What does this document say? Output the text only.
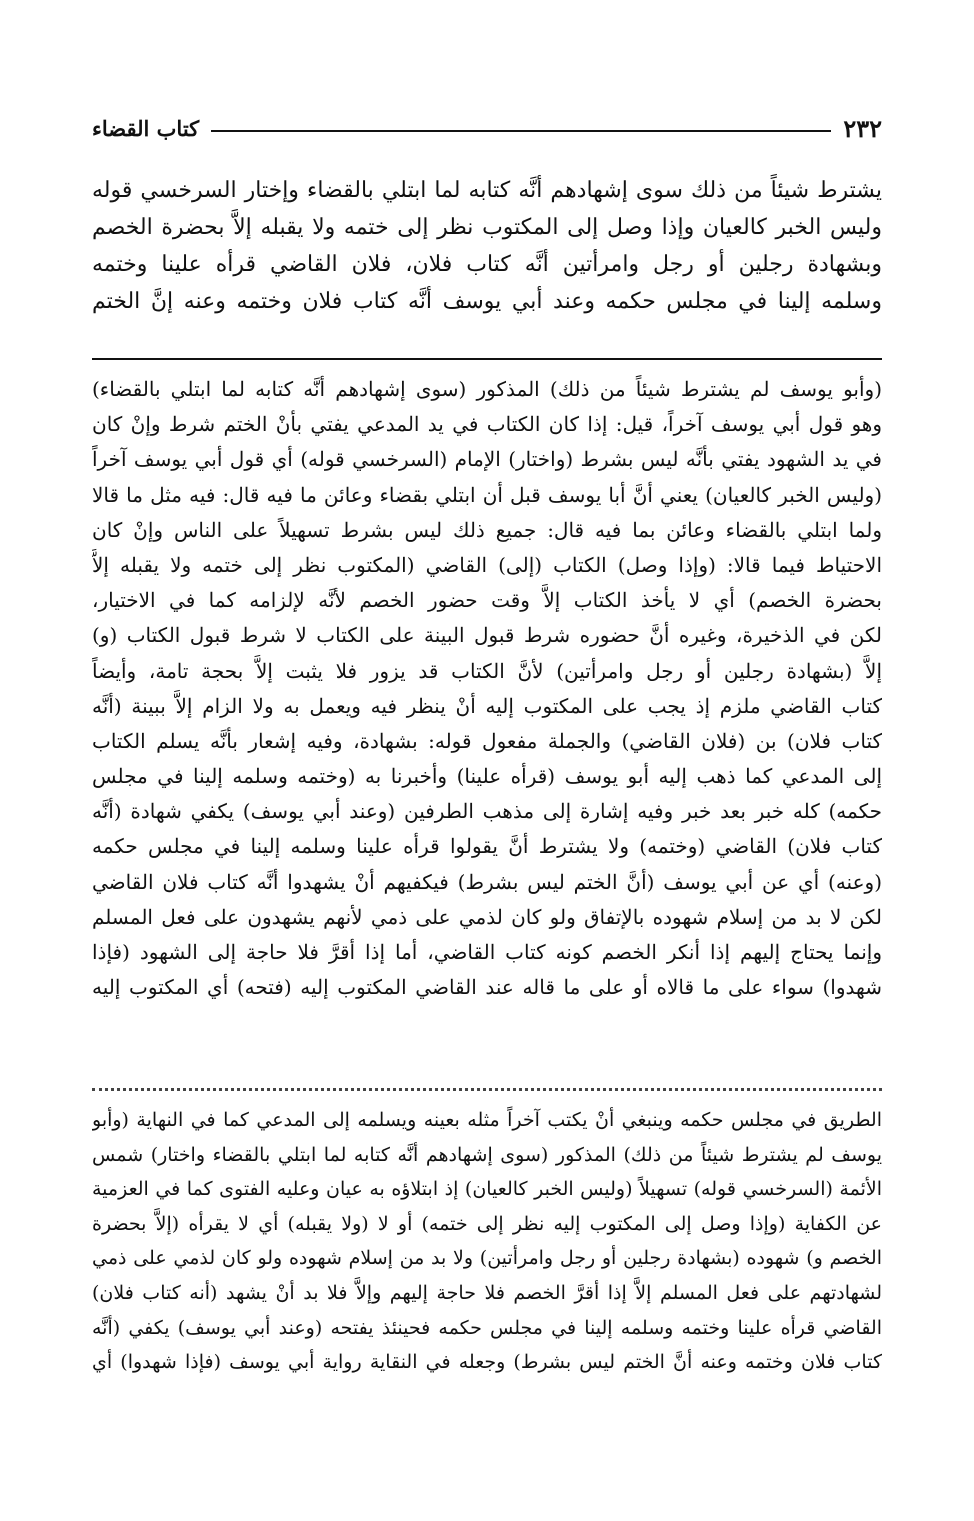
٢٣٢
كتاب القضاء
يشترط شيئاً من ذلك سوى إشهادهم أنَّه كتابه لما ابتلي بالقضاء وإختار السرخسي قوله
وليس الخبر كالعيان وإذا وصل إلى المكتوب نظر إلى ختمه ولا يقبله إلاَّ بحضرة الخصم
وبشهادة رجلين أو رجل وامرأتين أنَّه كتاب فلان، فلان القاضي قرأه علينا وختمه
وسلمه إلينا في مجلس حكمه وعند أبي يوسف أنَّه كتاب فلان وختمه وعنه إنَّ الختم
(وأبو يوسف لم يشترط شيئاً من ذلك) المذكور (سوى إشهادهم أنَّه كتابه لما ابتلي بالقضاء)
وهو قول أبي يوسف آخراً، قيل: إذا كان الكتاب في يد المدعي يفتي بأنْ الختم شرط وإنْ كان
في يد الشهود يفتي بأنَّه ليس بشرط (واختار) الإمام (السرخسي قوله) أي قول أبي يوسف آخراً
(وليس الخبر كالعيان) يعني أنَّ أبا يوسف قبل أن ابتلي بقضاء وعائن ما فيه قال: فيه مثل ما قالا
ولما ابتلي بالقضاء وعائن بما فيه قال: جميع ذلك ليس بشرط تسهيلاً على الناس وإنْ كان
الاحتياط فيما قالا: (وإذا وصل) الكتاب (إلى) القاضي (المكتوب نظر إلى ختمه ولا يقبله إلاَّ
بحضرة الخصم) أي لا يأخذ الكتاب إلاَّ وقت حضور الخصم لأنَّه لإلزامه كما في الاختيار،
لكن في الذخيرة، وغيره أنَّ حضوره شرط قبول البينة على الكتاب لا شرط قبول الكتاب (و)
إلاَّ (بشهادة رجلين أو رجل وامرأتين) لأنَّ الكتاب قد يزور فلا يثبت إلاَّ بحجة تامة، وأيضاً
كتاب القاضي ملزم إذ يجب على المكتوب إليه أنْ ينظر فيه ويعمل به ولا الزام إلاَّ ببينة (أنَّه
كتاب فلان) بن (فلان القاضي) والجملة مفعول قوله: بشهادة، وفيه إشعار بأنَّه يسلم الكتاب
إلى المدعي كما ذهب إليه أبو يوسف (قرأه علينا) وأخبرنا به (وختمه وسلمه إلينا في مجلس
حكمه) كله خبر بعد خبر وفيه إشارة إلى مذهب الطرفين (وعند أبي يوسف) يكفي شهادة (أنَّه
كتاب فلان) القاضي (وختمه) ولا يشترط أنَّ يقولوا قرأه علينا وسلمه إلينا في مجلس حكمه
(وعنه) أي عن أبي يوسف (أنَّ الختم ليس بشرط) فيكفيهم أنْ يشهدوا أنَّه كتاب فلان القاضي
لكن لا بد من إسلام شهوده بالإتفاق ولو كان لذمي على ذمي لأنهم يشهدون على فعل المسلم
وإنما يحتاج إليهم إذا أنكر الخصم كونه كتاب القاضي، أما إذا أقرَّ فلا حاجة إلى الشهود (فإذا
شهدوا) سواء على ما قالاه أو على ما قاله عند القاضي المكتوب إليه (فتحه) أي المكتوب إليه
الطريق في مجلس حكمه وينبغي أنْ يكتب آخراً مثله بعينه ويسلمه إلى المدعي كما في النهاية (وأبو
يوسف لم يشترط شيئاً من ذلك) المذكور (سوى إشهادهم أنَّه كتابه لما ابتلي بالقضاء واختار) شمس
الأئمة (السرخسي قوله) تسهيلاً (وليس الخبر كالعيان) إذ ابتلاؤه به عيان وعليه الفتوى كما في العزمية
عن الكفاية (وإذا وصل إلى المكتوب إليه نظر إلى ختمه) أو لا (ولا يقبله) أي لا يقرأه (إلاَّ بحضرة
الخصم و) شهوده (بشهادة رجلين أو رجل وامرأتين) ولا بد من إسلام شهوده ولو كان لذمي على ذمي
لشهادتهم على فعل المسلم إلاَّ إذا أقرَّ الخصم فلا حاجة إليهم وإلاَّ فلا بد أنْ يشهد (أنه كتاب فلان)
القاضي قرأه علينا وختمه وسلمه إلينا في مجلس حكمه فحينئذ يفتحه (وعند أبي يوسف) يكفي (أنَّه
كتاب فلان وختمه وعنه أنَّ الختم ليس بشرط) وجعله في النقاية رواية أبي يوسف (فإذا شهدوا) أي
